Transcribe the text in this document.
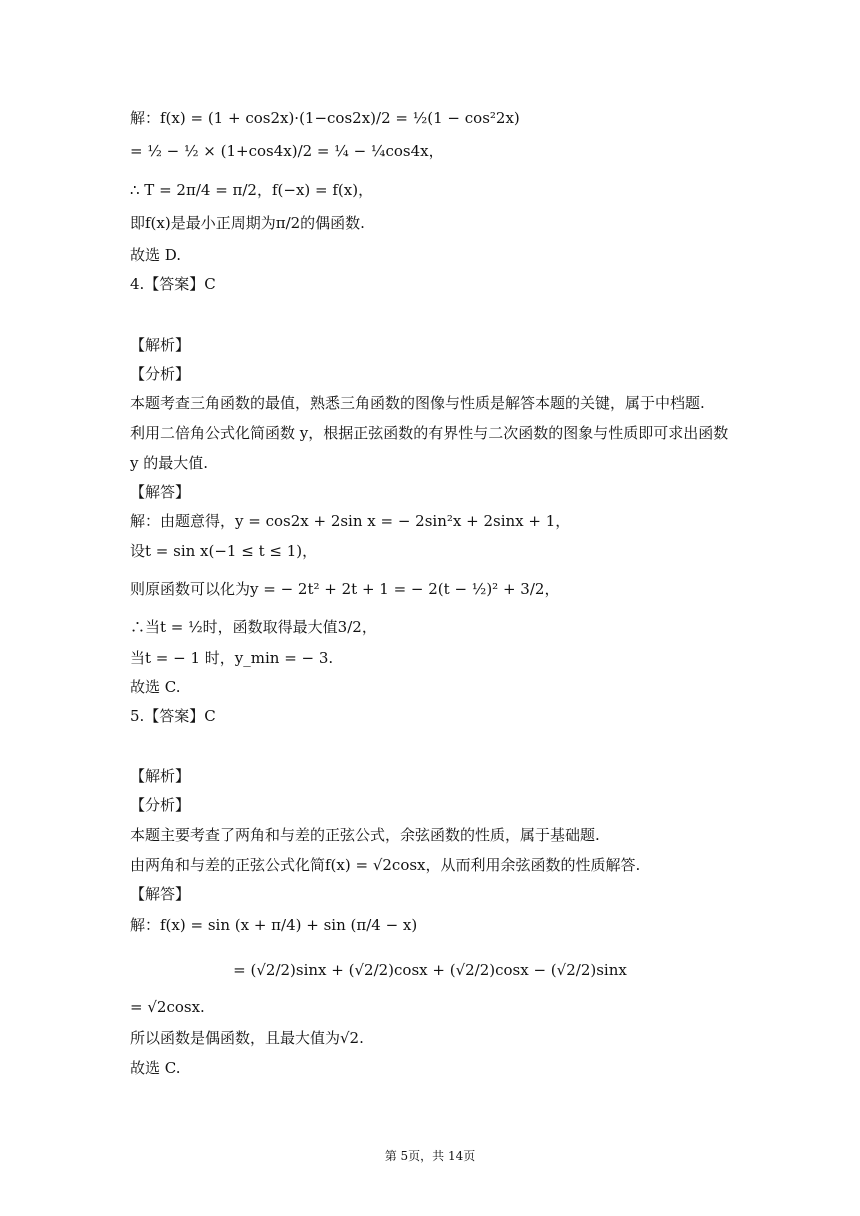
解：f(x) = (1 + cos2x)·(1−cos2x)/2 = ½(1 − cos²2x)
= ½ − ½ × (1+cos4x)/2 = ¼ − ¼cos4x，
∴ T = 2π/4 = π/2，f(−x) = f(x)，
即f(x)是最小正周期为π/2的偶函数.
故选 D.
4.【答案】C
【解析】
【分析】
本题考查三角函数的最值，熟悉三角函数的图像与性质是解答本题的关键，属于中档题.
利用二倍角公式化简函数 y，根据正弦函数的有界性与二次函数的图象与性质即可求出函数
y 的最大值.
【解答】
解：由题意得，y = cos2x + 2sin x = − 2sin²x + 2sinx + 1，
设t = sin x(−1 ≤ t ≤ 1)，
则原函数可以化为y = − 2t² + 2t + 1 = − 2(t − ½)² + 3/2，
∴当t = ½时，函数取得最大值3/2，
当t = − 1 时，y_min = − 3.
故选 C.
5.【答案】C
【解析】
【分析】
本题主要考查了两角和与差的正弦公式，余弦函数的性质，属于基础题.
由两角和与差的正弦公式化简f(x) = √2cosx，从而利用余弦函数的性质解答.
【解答】
解：f(x) = sin (x + π/4) + sin (π/4 − x)
= (√2/2)sinx + (√2/2)cosx + (√2/2)cosx − (√2/2)sinx
= √2cosx.
所以函数是偶函数，且最大值为√2.
故选 C.
第 5页，共 14页
